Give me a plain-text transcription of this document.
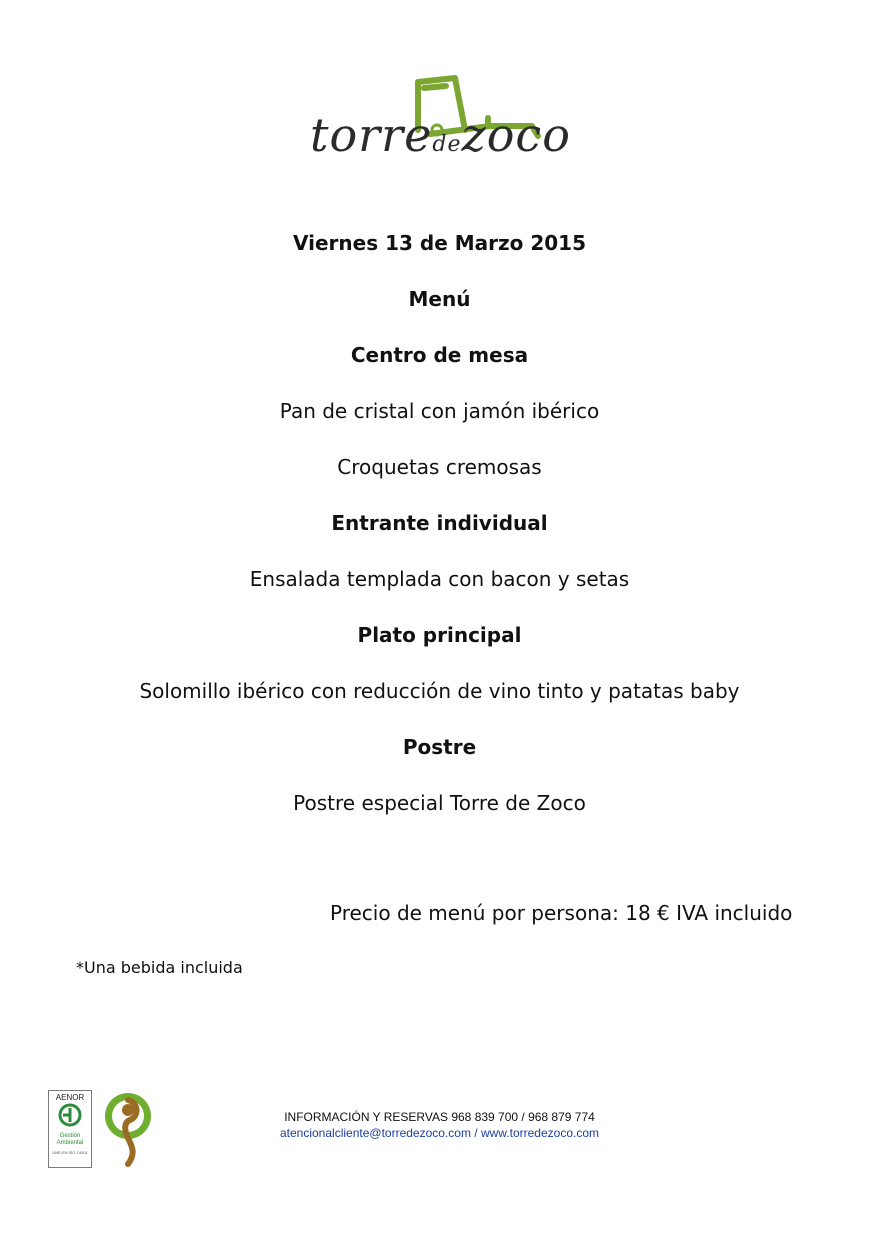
torredezoco
Viernes 13 de Marzo 2015
Menú
Centro de mesa
Pan de cristal con jamón ibérico
Croquetas cremosas
Entrante individual
Ensalada templada con bacon y setas
Plato principal
Solomillo ibérico con reducción de vino tinto y patatas baby
Postre
Postre especial Torre de Zoco
Precio de menú por persona: 18 € IVA incluido
*Una bebida incluida
AENOR
Gestión
Ambiental
UNE-EN ISO 14001
INFORMACIÓN Y RESERVAS 968 839 700 / 968 879 774
atencionalcliente@torredezoco.com / www.torredezoco.com
